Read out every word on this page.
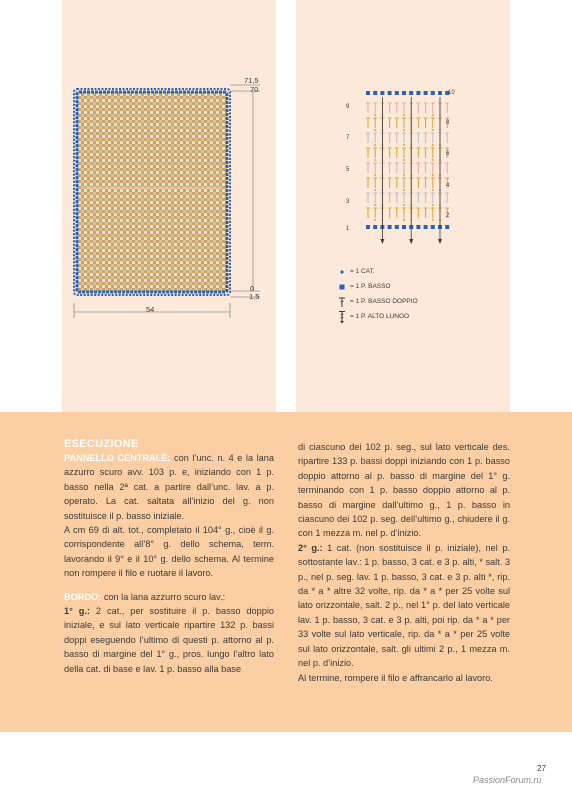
71,5
70
0
1,5
54
10
9
8
7
6
5
4
3
2
1
= 1 CAT.
= 1 P. BASSO
= 1 P. BASSO DOPPIO
= 1 P. ALTO LUNGO

ESECUZIONE

PANNELLO CENTRALE: con l’unc. n. 4 e la lana azzurro scuro avv. 103 p. e, iniziando con 1 p. basso nella 2ª cat. a partire dall’unc. lav. a p. operato. La cat. saltata all’inizio del g. non sostituisce il p. basso iniziale.

A cm 69 di alt. tot., completato il 104° g., cioè il g. corrispondente all’8° g. dello schema, term. lavorando il 9° e il 10° g. dello schema. Al termine non rompere il filo e ruotare il lavoro.

BORDO: con la lana azzurro scuro lav.:

1° g.: 2 cat., per sostituire il p. basso doppio iniziale, e sul lato verticale ripartire 132 p. bassi doppi eseguendo l’ultimo di questi p. attorno al p. basso di margine del 1° g., pros. lungo l’altro lato della cat. di base e lav. 1 p. basso alla base

di ciascuno dei 102 p. seg., sul lato verticale des. ripartire 133 p. bassi doppi iniziando con 1 p. basso doppio attorno al p. basso di margine del 1° g. terminando con 1 p. basso doppio attorno al p. basso di margine dall’ultimo g., 1 p. basso in ciascuno dei 102 p. seg. dell’ultimo g., chiudere il g. con 1 mezza m. nel p. d’inizio.

2° g.: 1 cat. (non sostituisce il p. iniziale), nel p. sottostante lav.: 1 p. basso, 3 cat. e 3 p. alti, * salt. 3 p., nel p. seg. lav. 1 p. basso, 3 cat. e 3 p. alti *, rip. da * a * altre 32 volte, rip. da * a * per 25 volte sul lato orizzontale, salt. 2 p., nel 1° p. del lato verticale lav. 1 p. basso, 3 cat. e 3 p. alti, poi rip. da * a * per 33 volte sul lato verticale, rip. da * a * per 25 volte sul lato orizzontale, salt. gli ultimi 2 p., 1 mezza m. nel p. d’inizio.

Al termine, rompere il filo e affrancarlo al lavoro.

27
PassionForum.ru
